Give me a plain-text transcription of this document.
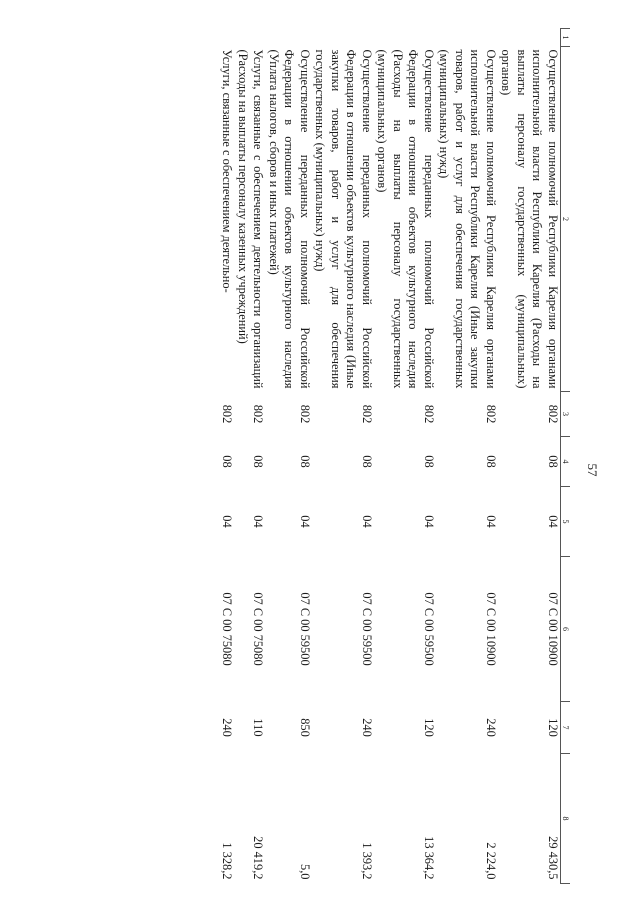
57
1	2	3	4	5	6	7	8
	Осуществление полномочий Республики Карелия органами исполнительной власти Республики Карелия (Расходы на выплаты персоналу государственных (муниципальных) органов)	802	08	04	07 С 00 10900	120	29 430,5
	Осуществление полномочий Республики Карелия органами исполнительной власти Республики Карелия (Иные закупки товаров, работ и услуг для обеспечения государственных (муниципальных) нужд)	802	08	04	07 С 00 10900	240	2 224,0
	Осуществление переданных полномочий Российской Федерации в отношении объектов культурного наследия (Расходы на выплаты персоналу государственных (муниципальных) органов)	802	08	04	07 С 00 59500	120	13 364,2
	Осуществление переданных полномочий Российской Федерации в отношении объектов культурного наследия (Иные закупки товаров, работ и услуг для обеспечения государственных (муниципальных) нужд)	802	08	04	07 С 00 59500	240	1 393,2
	Осуществление переданных полномочий Российской Федерации в отношении объектов культурного наследия (Уплата налогов, сборов и иных платежей)	802	08	04	07 С 00 59500	850	5,0
	Услуги, связанные с обеспечением деятельности организаций (Расходы на выплаты персоналу казенных учреждений)	802	08	04	07 С 00 75080	110	20 419,2
	Услуги, связанные с обеспечением деятельно-	802	08	04	07 С 00 75080	240	1 328,2
